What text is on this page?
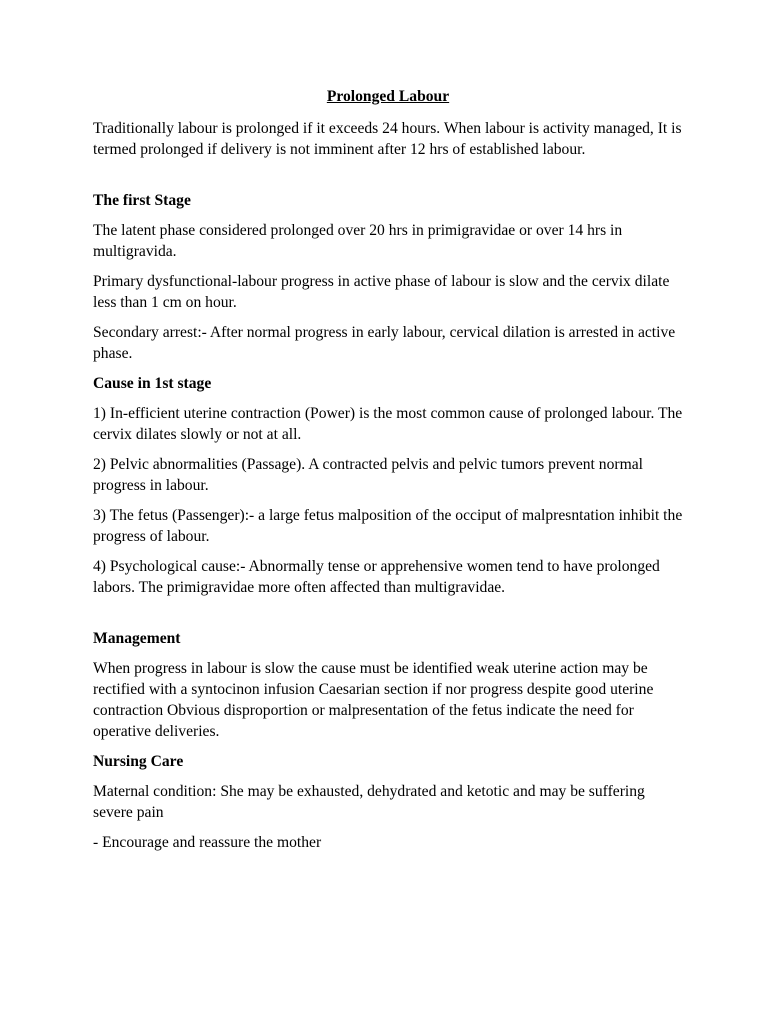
Prolonged Labour

Traditionally labour is prolonged if it exceeds 24 hours. When labour is activity managed, It is termed prolonged if delivery is not imminent after 12 hrs of established labour.

The first Stage

The latent phase considered prolonged over 20 hrs in primigravidae or over 14 hrs in multigravida.

Primary dysfunctional-labour progress in active phase of labour is slow and the cervix dilate less than 1 cm on hour.

Secondary arrest:- After normal progress in early labour, cervical dilation is arrested in active phase.

Cause in 1st stage

1) In-efficient uterine contraction (Power) is the most common cause of prolonged labour. The cervix dilates slowly or not at all.

2) Pelvic abnormalities (Passage). A contracted pelvis and pelvic tumors prevent normal progress in labour.

3) The fetus (Passenger):- a large fetus malposition of the occiput of malpresntation inhibit the progress of labour.

4) Psychological cause:- Abnormally tense or apprehensive women tend to have prolonged labors. The primigravidae more often affected than multigravidae.

Management

When progress in labour is slow the cause must be identified weak uterine action may be rectified with a syntocinon infusion Caesarian section if nor progress despite good uterine contraction Obvious disproportion or malpresentation of the fetus indicate the need for operative deliveries.

Nursing Care

Maternal condition: She may be exhausted, dehydrated and ketotic and may be suffering severe pain

- Encourage and reassure the mother
